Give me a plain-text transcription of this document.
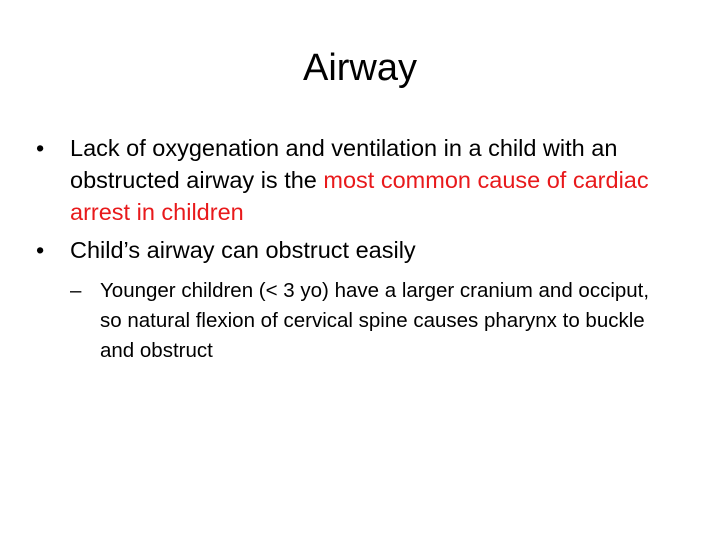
Airway
•	Lack of oxygenation and ventilation in a child with an obstructed airway is the most common cause of cardiac arrest in children
•	Child’s airway can obstruct easily
– Younger children (< 3 yo) have a larger cranium and occiput, so natural flexion of cervical spine causes pharynx to buckle and obstruct
